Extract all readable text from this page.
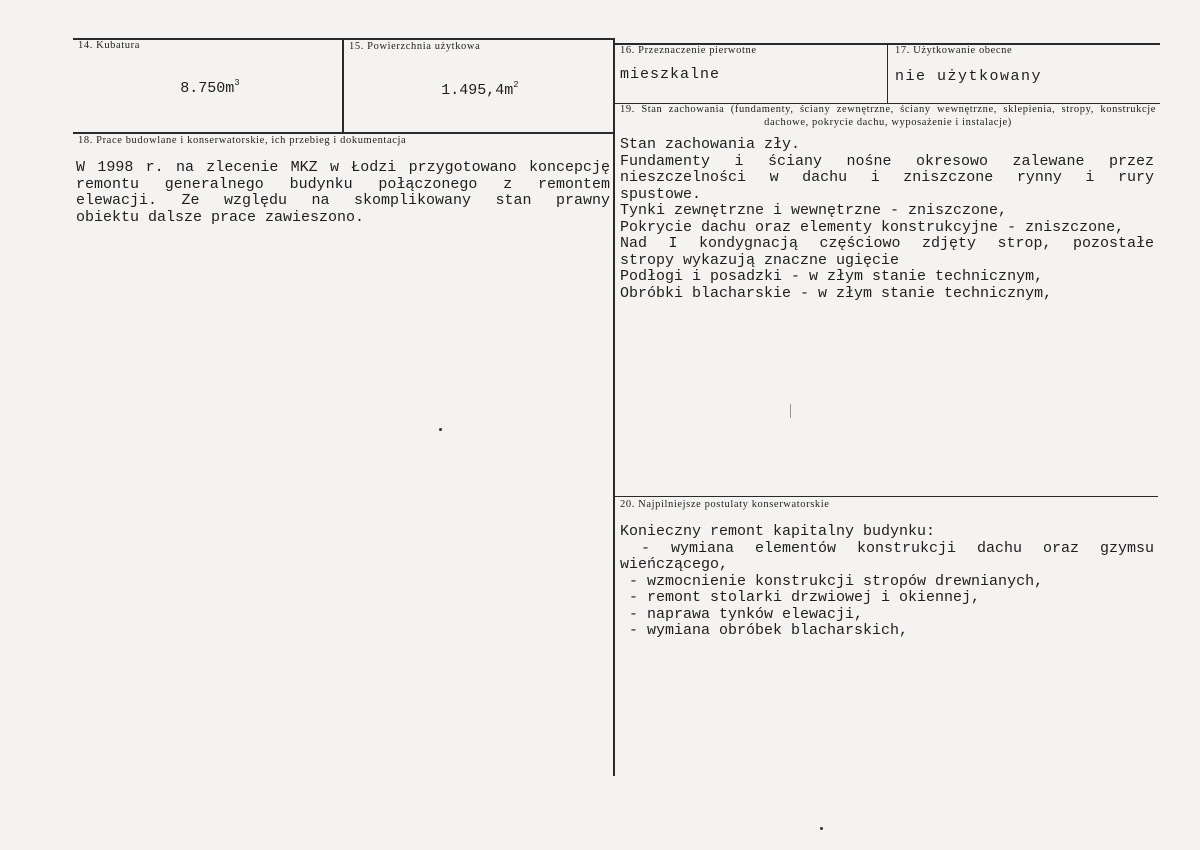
14. Kubatura
$8.750m^3$
15. Powierzchnia użytkowa
$1.495,4m^2$
16. Przeznaczenie pierwotne
mieszkalne
17. Użytkowanie obecne
nie użytkowany
18. Prace budowlane i konserwatorskie, ich przebieg i dokumentacja

W 1998 r. na zlecenie MKZ w Łodzi przygotowano koncepcję

remontu generalnego budynku połączonego z remontem

elewacji. Ze względu na skomplikowany stan prawny

obiektu dalsze prace zawieszono.

19. Stan zachowania (fundamenty, ściany zewnętrzne, ściany wewnętrzne, sklepienia, stropy, konstrukcje dachowe, pokrycie dachu, wyposażenie i instalacje)

Stan zachowania zły.

Fundamenty i ściany nośne okresowo zalewane przez

nieszczelności w dachu i zniszczone rynny i rury

spustowe.

Tynki zewnętrzne i wewnętrzne - zniszczone,

Pokrycie dachu oraz elementy konstrukcyjne - zniszczone,

Nad I kondygnacją częściowo zdjęty strop, pozostałe

stropy wykazują znaczne ugięcie

Podłogi i posadzki - w złym stanie technicznym,

Obróbki blacharskie - w złym stanie technicznym,

20. Najpilniejsze postulaty konserwatorskie

Konieczny remont kapitalny budynku:

- wymiana elementów konstrukcji dachu oraz gzymsu

wieńczącego,

- wzmocnienie konstrukcji stropów drewnianych,

- remont stolarki drzwiowej i okiennej,

- naprawa tynków elewacji,

- wymiana obróbek blacharskich,
